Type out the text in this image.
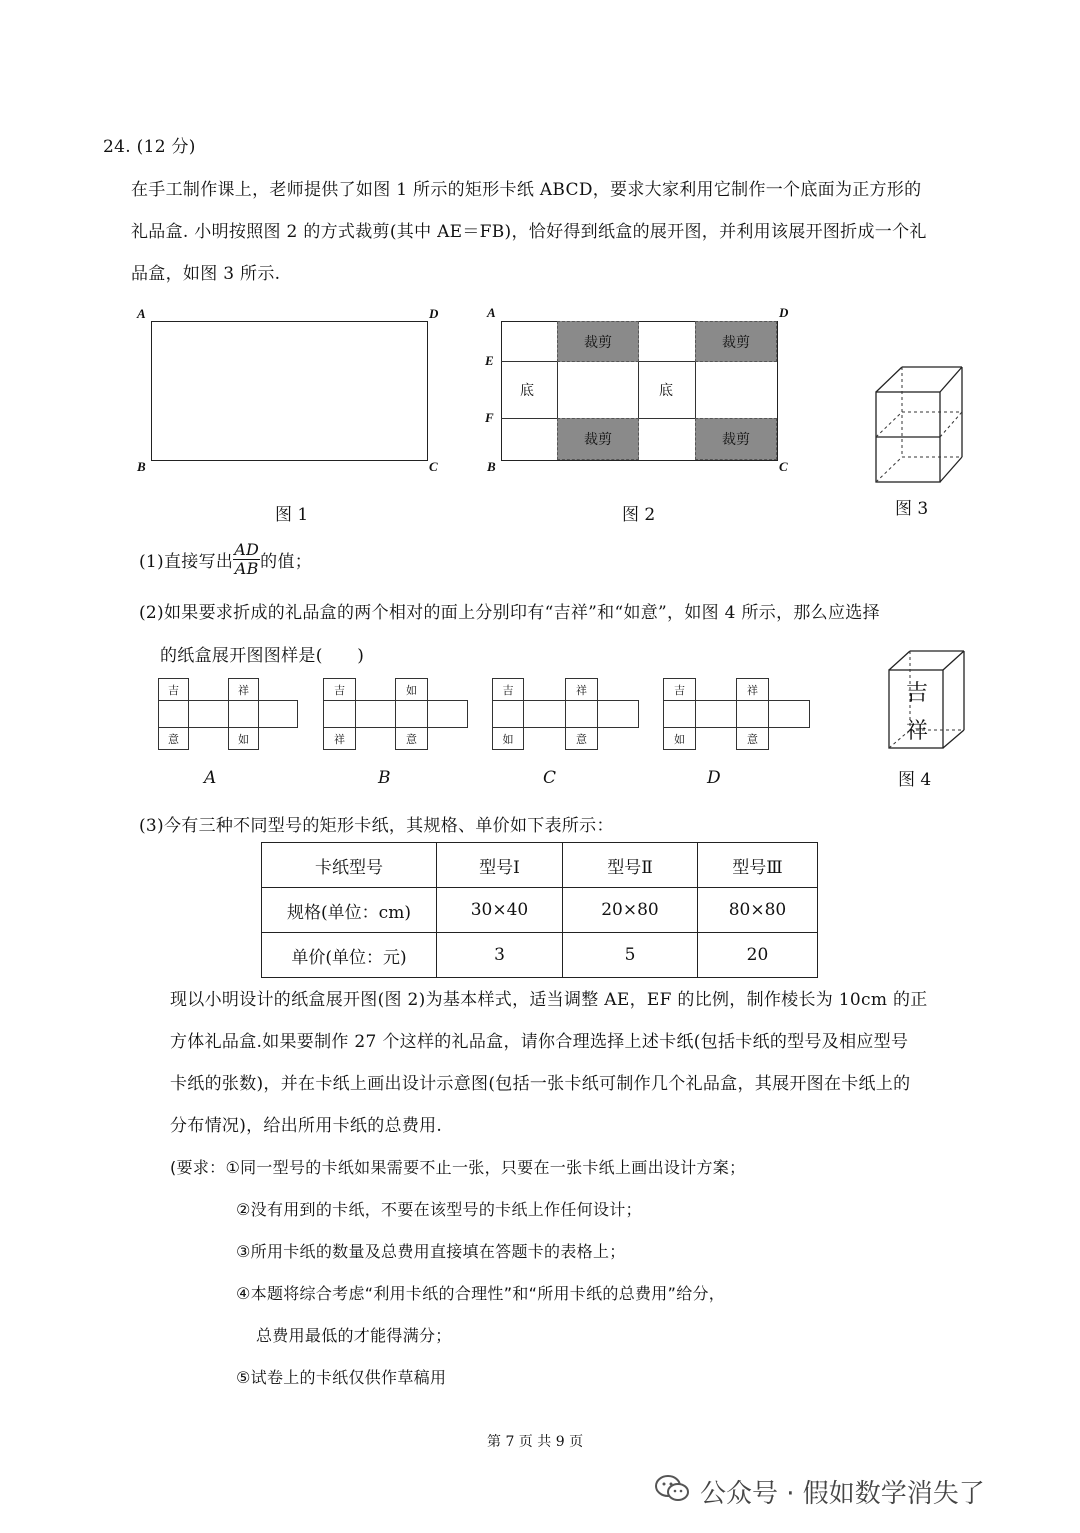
24. (12 分)
在手工制作课上，老师提供了如图 1 所示的矩形卡纸 ABCD，要求大家利用它制作一个底面为正方形的
礼品盒. 小明按照图 2 的方式裁剪(其中 AE＝FB)，恰好得到纸盒的展开图，并利用该展开图折成一个礼
品盒，如图 3 所示.
A	D
B	C
图 1
裁剪	裁剪
裁剪	裁剪
底	底
A	D
E
F
B	C
图 2	图 3
(1)直接写出 $\frac{AD}{AB}$ 的值；
(2)如果要求折成的礼品盒的两个相对的面上分别印有“吉祥”和“如意”，如图 4 所示，那么应选择
的纸盒展开图图样是(　　)
吉	祥
意	如
A
吉	如
祥	意
B
吉	祥
如	意
C
吉	祥
如	意
D
吉
祥
图 4
(3)今有三种不同型号的矩形卡纸，其规格、单价如下表所示：
卡纸型号	型号Ⅰ	型号Ⅱ	型号Ⅲ
规格(单位：cm)	30×40	20×80	80×80
单价(单位：元)	3	5	20
现以小明设计的纸盒展开图(图 2)为基本样式，适当调整 AE，EF 的比例，制作棱长为 10cm 的正
方体礼品盒.如果要制作 27 个这样的礼品盒，请你合理选择上述卡纸(包括卡纸的型号及相应型号
卡纸的张数)，并在卡纸上画出设计示意图(包括一张卡纸可制作几个礼品盒，其展开图在卡纸上的
分布情况)，给出所用卡纸的总费用.
(要求：①同一型号的卡纸如果需要不止一张，只要在一张卡纸上画出设计方案；
②没有用到的卡纸，不要在该型号的卡纸上作任何设计；
③所用卡纸的数量及总费用直接填在答题卡的表格上；
④本题将综合考虑“利用卡纸的合理性”和“所用卡纸的总费用”给分，
总费用最低的才能得满分；
⑤试卷上的卡纸仅供作草稿用
第 7 页 共 9 页
公众号 · 假如数学消失了
